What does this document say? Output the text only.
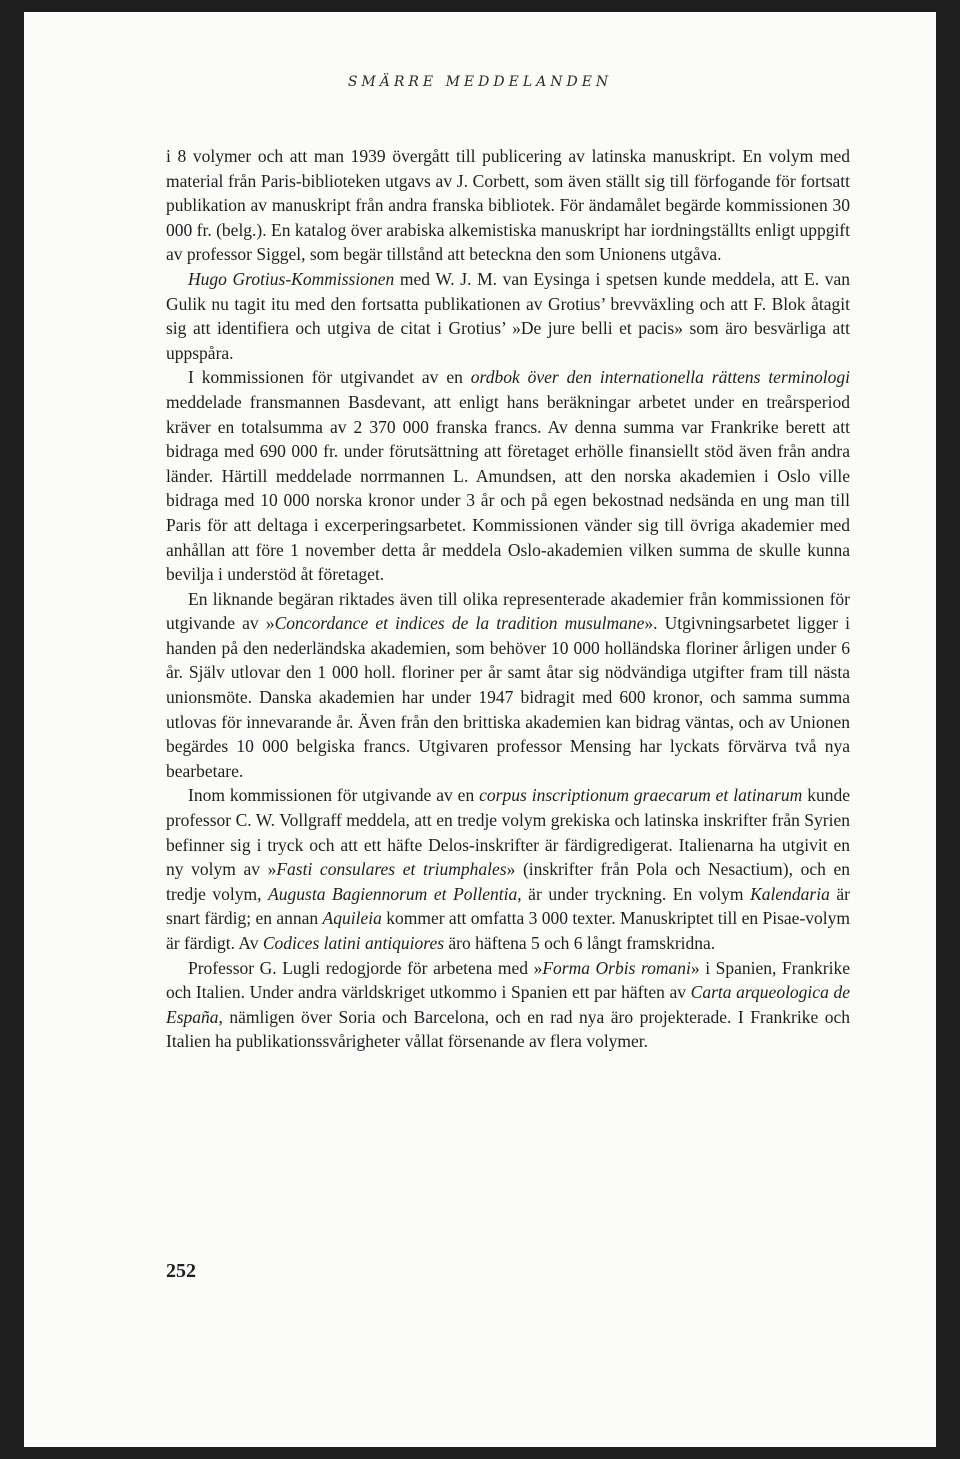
SMÄRRE MEDDELANDEN

i 8 volymer och att man 1939 övergått till publicering av latinska manuskript. En volym med material från Paris-biblioteken utgavs av J. Corbett, som även ställt sig till förfogande för fortsatt publikation av manuskript från andra franska bibliotek. För ändamålet begärde kommissionen 30 000 fr. (belg.). En katalog över arabiska alkemistiska manuskript har iordningställts enligt uppgift av professor Siggel, som begär tillstånd att beteckna den som Unionens utgåva.

Hugo Grotius-Kommissionen med W. J. M. van Eysinga i spetsen kunde meddela, att E. van Gulik nu tagit itu med den fortsatta publikationen av Grotius’ brevväxling och att F. Blok åtagit sig att identifiera och utgiva de citat i Grotius’ »De jure belli et pacis» som äro besvärliga att uppspåra.

I kommissionen för utgivandet av en ordbok över den internationella rättens terminologi meddelade fransmannen Basdevant, att enligt hans beräkningar arbetet under en treårsperiod kräver en totalsumma av 2 370 000 franska francs. Av denna summa var Frankrike berett att bidraga med 690 000 fr. under förutsättning att företaget erhölle finansiellt stöd även från andra länder. Härtill meddelade norrmannen L. Amundsen, att den norska akademien i Oslo ville bidraga med 10 000 norska kronor under 3 år och på egen bekostnad nedsända en ung man till Paris för att deltaga i excerperingsarbetet. Kommissionen vänder sig till övriga akademier med anhållan att före 1 november detta år meddela Oslo-akademien vilken summa de skulle kunna bevilja i understöd åt företaget.

En liknande begäran riktades även till olika representerade akademier från kommissionen för utgivande av »Concordance et indices de la tradition musulmane». Utgivningsarbetet ligger i handen på den nederländska akademien, som behöver 10 000 holländska floriner årligen under 6 år. Själv utlovar den 1 000 holl. floriner per år samt åtar sig nödvändiga utgifter fram till nästa unionsmöte. Danska akademien har under 1947 bidragit med 600 kronor, och samma summa utlovas för innevarande år. Även från den brittiska akademien kan bidrag väntas, och av Unionen begärdes 10 000 belgiska francs. Utgivaren professor Mensing har lyckats förvärva två nya bearbetare.

Inom kommissionen för utgivande av en corpus inscriptionum graecarum et latinarum kunde professor C. W. Vollgraff meddela, att en tredje volym grekiska och latinska inskrifter från Syrien befinner sig i tryck och att ett häfte Delos-inskrifter är färdigredigerat. Italienarna ha utgivit en ny volym av »Fasti consulares et triumphales» (inskrifter från Pola och Nesactium), och en tredje volym, Augusta Bagiennorum et Pollentia, är under tryckning. En volym Kalendaria är snart färdig; en annan Aquileia kommer att omfatta 3 000 texter. Manuskriptet till en Pisae-volym är färdigt. Av Codices latini antiquiores äro häftena 5 och 6 långt framskridna.

Professor G. Lugli redogjorde för arbetena med »Forma Orbis romani» i Spanien, Frankrike och Italien. Under andra världskriget utkommo i Spanien ett par häften av Carta arqueologica de España, nämligen över Soria och Barcelona, och en rad nya äro projekterade. I Frankrike och Italien ha publikationssvårigheter vållat försenande av flera volymer.

252
